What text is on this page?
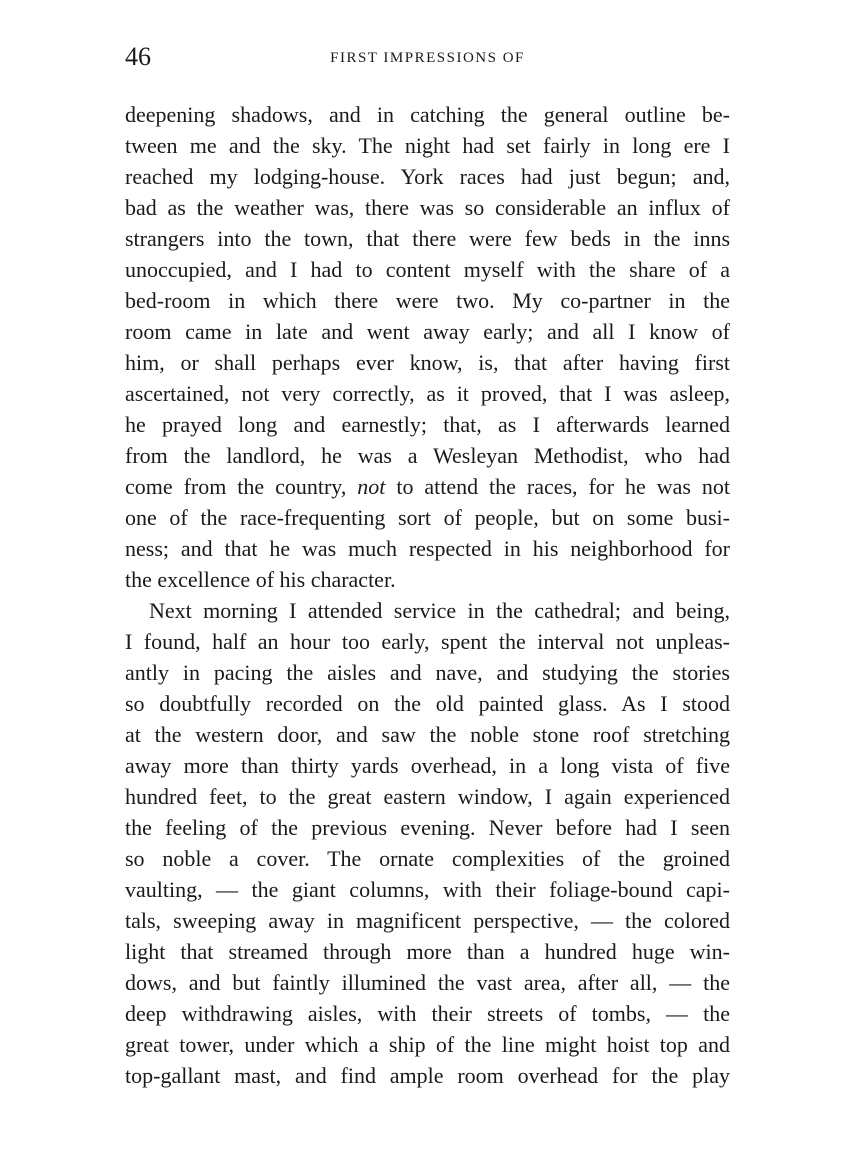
46	FIRST IMPRESSIONS OF
deepening shadows, and in catching the general outline be-
tween me and the sky. The night had set fairly in long ere I
reached my lodging-house. York races had just begun; and,
bad as the weather was, there was so considerable an influx of
strangers into the town, that there were few beds in the inns
unoccupied, and I had to content myself with the share of a
bed-room in which there were two. My co-partner in the
room came in late and went away early; and all I know of
him, or shall perhaps ever know, is, that after having first
ascertained, not very correctly, as it proved, that I was asleep,
he prayed long and earnestly; that, as I afterwards learned
from the landlord, he was a Wesleyan Methodist, who had
come from the country, not to attend the races, for he was not
one of the race-frequenting sort of people, but on some busi-
ness; and that he was much respected in his neighborhood for
the excellence of his character.
Next morning I attended service in the cathedral; and being,
I found, half an hour too early, spent the interval not unpleas-
antly in pacing the aisles and nave, and studying the stories
so doubtfully recorded on the old painted glass. As I stood
at the western door, and saw the noble stone roof stretching
away more than thirty yards overhead, in a long vista of five
hundred feet, to the great eastern window, I again experienced
the feeling of the previous evening. Never before had I seen
so noble a cover. The ornate complexities of the groined
vaulting, — the giant columns, with their foliage-bound capi-
tals, sweeping away in magnificent perspective, — the colored
light that streamed through more than a hundred huge win-
dows, and but faintly illumined the vast area, after all, — the
deep withdrawing aisles, with their streets of tombs, — the
great tower, under which a ship of the line might hoist top and
top-gallant mast, and find ample room overhead for the play
